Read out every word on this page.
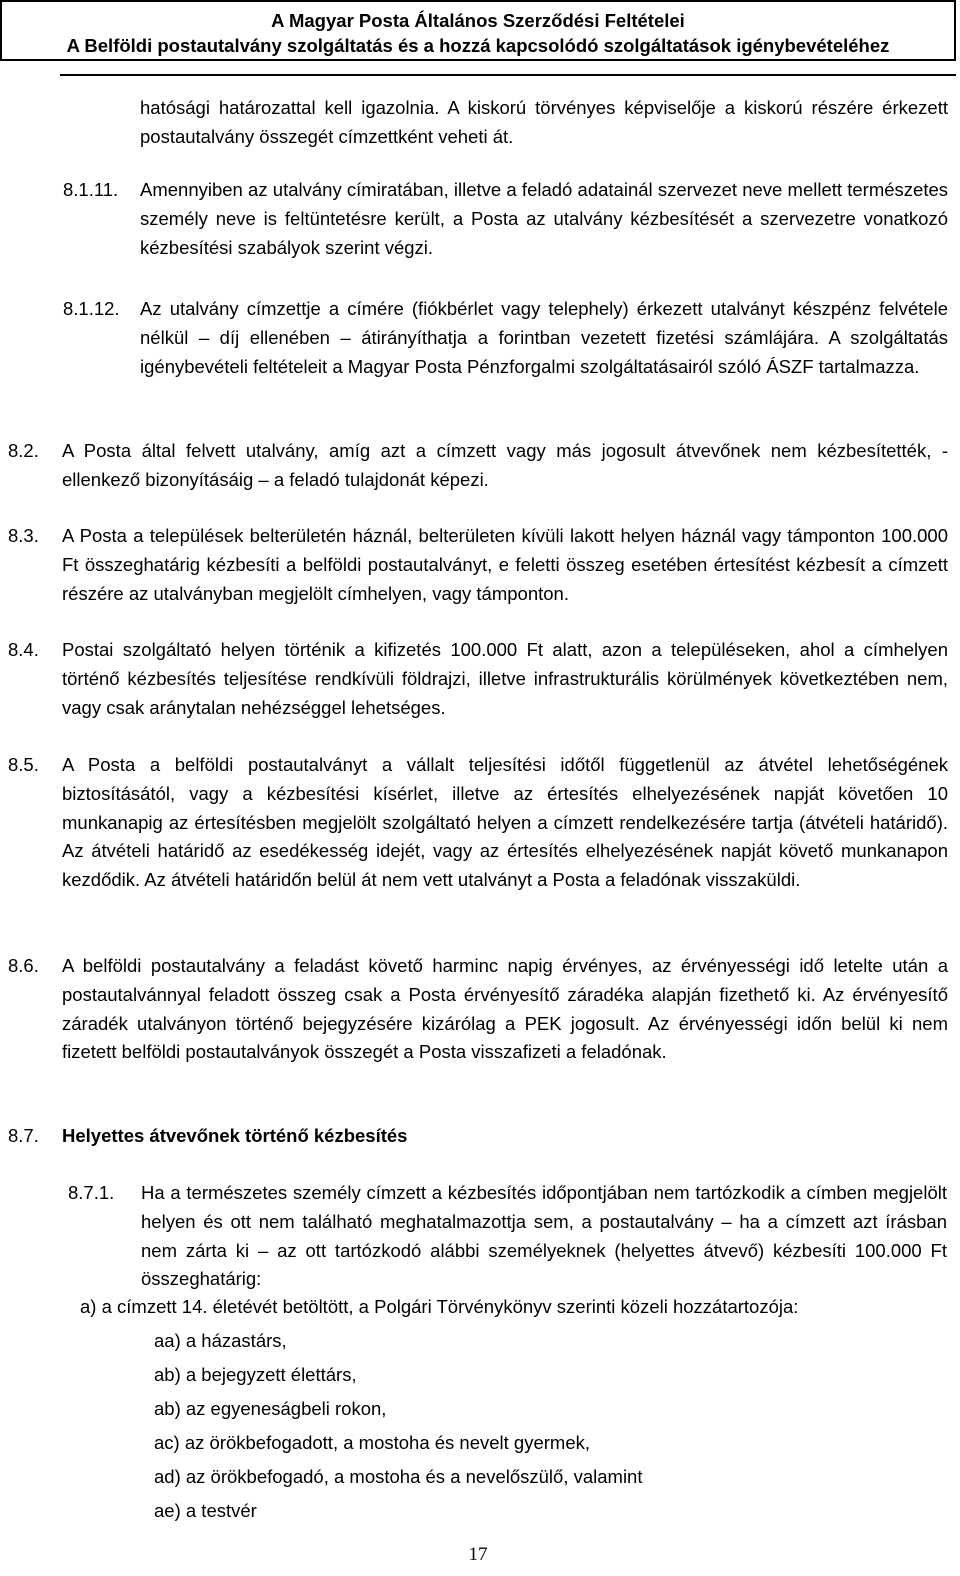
A Magyar Posta Általános Szerződési Feltételei
A Belföldi postautalvány szolgáltatás és a hozzá kapcsolódó szolgáltatások igénybevételéhez
hatósági határozattal kell igazolnia. A kiskorú törvényes képviselője a kiskorú részére érkezett postautalvány összegét címzettként veheti át.
8.1.11. Amennyiben az utalvány címiratában, illetve a feladó adatainál szervezet neve mellett természetes személy neve is feltüntetésre került, a Posta az utalvány kézbesítését a szervezetre vonatkozó kézbesítési szabályok szerint végzi.
8.1.12. Az utalvány címzettje a címére (fiókbérlet vagy telephely) érkezett utalványt készpénz felvétele nélkül – díj ellenében – átirányíthatja a forintban vezetett fizetési számlájára. A szolgáltatás igénybevételi feltételeit a Magyar Posta Pénzforgalmi szolgáltatásairól szóló ÁSZF tartalmazza.
8.2. A Posta által felvett utalvány, amíg azt a címzett vagy más jogosult átvevőnek nem kézbesítették, - ellenkező bizonyításáig – a feladó tulajdonát képezi.
8.3. A Posta a települések belterületén háznál, belterületen kívüli lakott helyen háznál vagy támponton 100.000 Ft összeghatárig kézbesíti a belföldi postautalványt, e feletti összeg esetében értesítést kézbesít a címzett részére az utalványban megjelölt címhelyen, vagy támponton.
8.4. Postai szolgáltató helyen történik a kifizetés 100.000 Ft alatt, azon a településeken, ahol a címhelyen történő kézbesítés teljesítése rendkívüli földrajzi, illetve infrastrukturális körülmények következtében nem, vagy csak aránytalan nehézséggel lehetséges.
8.5. A Posta a belföldi postautalványt a vállalt teljesítési időtől függetlenül az átvétel lehetőségének biztosításától, vagy a kézbesítési kísérlet, illetve az értesítés elhelyezésének napját követően 10 munkanapig az értesítésben megjelölt szolgáltató helyen a címzett rendelkezésére tartja (átvételi határidő). Az átvételi határidő az esedékesség idejét, vagy az értesítés elhelyezésének napját követő munkanapon kezdődik. Az átvételi határidőn belül át nem vett utalványt a Posta a feladónak visszaküldi.
8.6. A belföldi postautalvány a feladást követő harminc napig érvényes, az érvényességi idő letelte után a postautalvánnyal feladott összeg csak a Posta érvényesítő záradéka alapján fizethető ki. Az érvényesítő záradék utalványon történő bejegyzésére kizárólag a PEK jogosult. Az érvényességi időn belül ki nem fizetett belföldi postautalványok összegét a Posta visszafizeti a feladónak.
8.7. Helyettes átvevőnek történő kézbesítés
8.7.1. Ha a természetes személy címzett a kézbesítés időpontjában nem tartózkodik a címben megjelölt helyen és ott nem található meghatalmazottja sem, a postautalvány – ha a címzett azt írásban nem zárta ki – az ott tartózkodó alábbi személyeknek (helyettes átvevő) kézbesíti 100.000 Ft összeghatárig:
a) a címzett 14. életévét betöltött, a Polgári Törvénykönyv szerinti közeli hozzátartozója:
aa) a házastárs,
ab) a bejegyzett élettárs,
ab) az egyeneságbeli rokon,
ac) az örökbefogadott, a mostoha és nevelt gyermek,
ad) az örökbefogadó, a mostoha és a nevelőszülő, valamint
ae) a testvér
17
